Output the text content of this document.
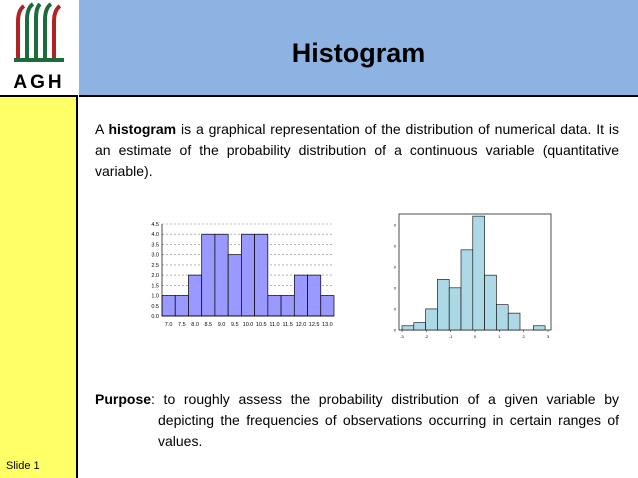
AGH
Histogram
A histogram is a graphical representation of the distribution of numerical data. It is an estimate of the probability distribution of a continuous variable (quantitative variable).
0.0
0.5
1.0
1.5
2.0
2.5
3.0
3.5
4.0
4.5
7.0 7.5 8.0 8.5 9.0 9.5 10.0 10.5 11.0 11.5 12.0 12.5 13.0
-3	-2	-1	0	1	2	3
0
0
0
0
0
0
Purpose: to roughly assess the probability distribution of a given variable by depicting the frequencies of observations occurring in certain ranges of values.
Slide 1
